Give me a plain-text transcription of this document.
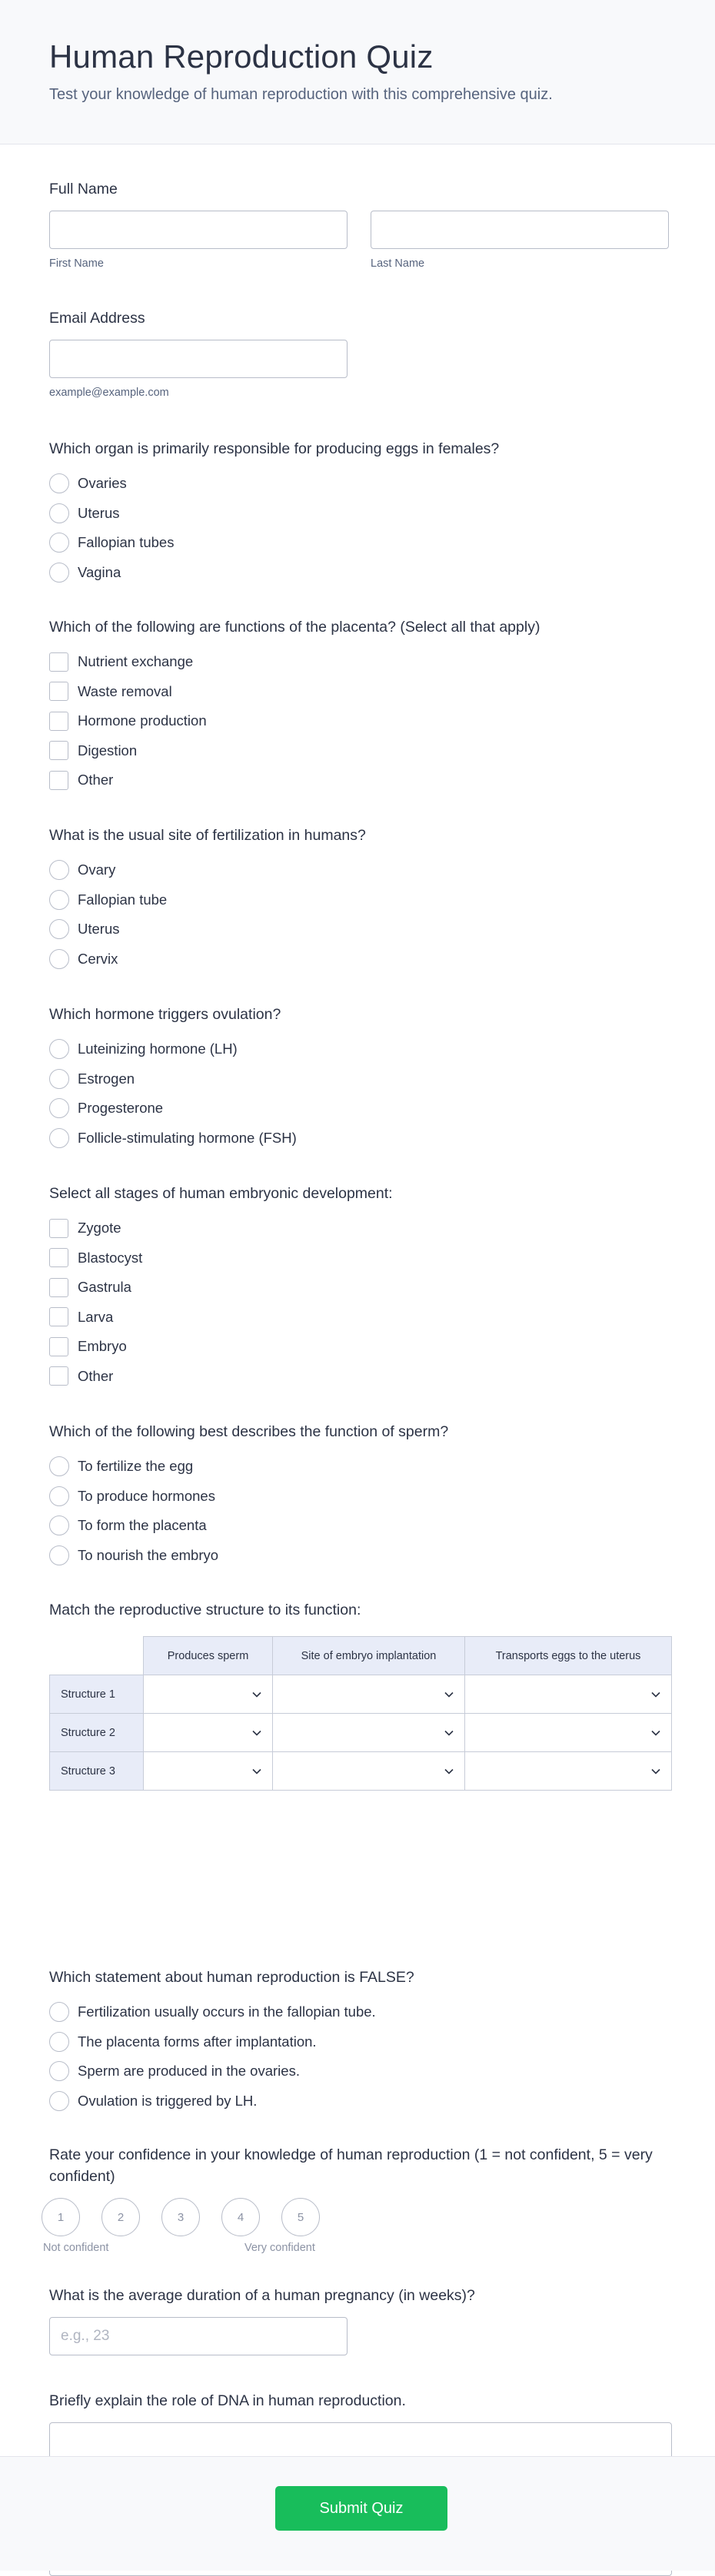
Human Reproduction Quiz

Test your knowledge of human reproduction with this comprehensive quiz.

Full Name
First Name	Last Name
Email Address
example@example.com
Which organ is primarily responsible for producing eggs in females?
Ovaries
Uterus
Fallopian tubes
Vagina
Which of the following are functions of the placenta? (Select all that apply)
Nutrient exchange
Waste removal
Hormone production
Digestion
Other
What is the usual site of fertilization in humans?
Ovary
Fallopian tube
Uterus
Cervix
Which hormone triggers ovulation?
Luteinizing hormone (LH)
Estrogen
Progesterone
Follicle-stimulating hormone (FSH)
Select all stages of human embryonic development:
Zygote
Blastocyst
Gastrula
Larva
Embryo
Other
Which of the following best describes the function of sperm?
To fertilize the egg
To produce hormones
To form the placenta
To nourish the embryo
Match the reproductive structure to its function:
	Produces sperm	Site of embryo implantation	Transports eggs to the uterus
Structure 1	

Structure 2	

Structure 3	

Which statement about human reproduction is FALSE?
Fertilization usually occurs in the fallopian tube.
The placenta forms after implantation.
Sperm are produced in the ovaries.
Ovulation is triggered by LH.
Rate your confidence in your knowledge of human reproduction (1 = not confident, 5 = very confident)
1	2	3	4	5
Not confident	Very confident
What is the average duration of a human pregnancy (in weeks)?
e.g., 23
Briefly explain the role of DNA in human reproduction.
Submit Quiz
